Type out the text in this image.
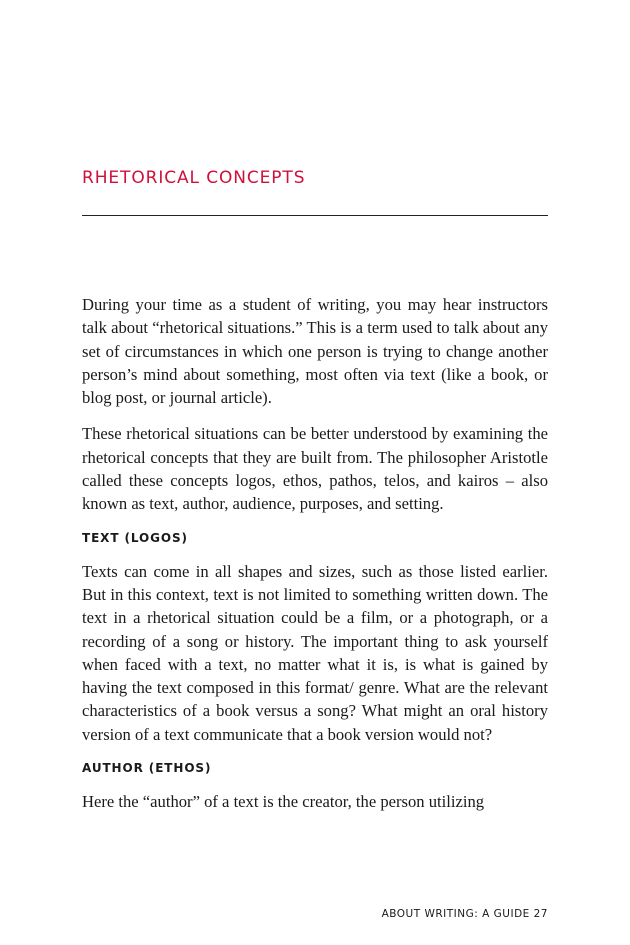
RHETORICAL CONCEPTS

During your time as a student of writing, you may hear instructors talk about “rhetorical situations.” This is a term used to talk about any set of circumstances in which one person is trying to change another person’s mind about something, most often via text (like a book, or blog post, or journal article).

These rhetorical situations can be better understood by examining the rhetorical concepts that they are built from. The philosopher Aristotle called these concepts logos, ethos, pathos, telos, and kairos – also known as text, author, audience, purposes, and setting.

TEXT (LOGOS)

Texts can come in all shapes and sizes, such as those listed earlier. But in this context, text is not limited to something written down. The text in a rhetorical situation could be a film, or a photograph, or a recording of a song or history. The important thing to ask yourself when faced with a text, no matter what it is, is what is gained by having the text composed in this format/ genre. What are the relevant characteristics of a book versus a song? What might an oral history version of a text communicate that a book version would not?

AUTHOR (ETHOS)

Here the “author” of a text is the creator, the person utilizing

ABOUT WRITING: A GUIDE 27
